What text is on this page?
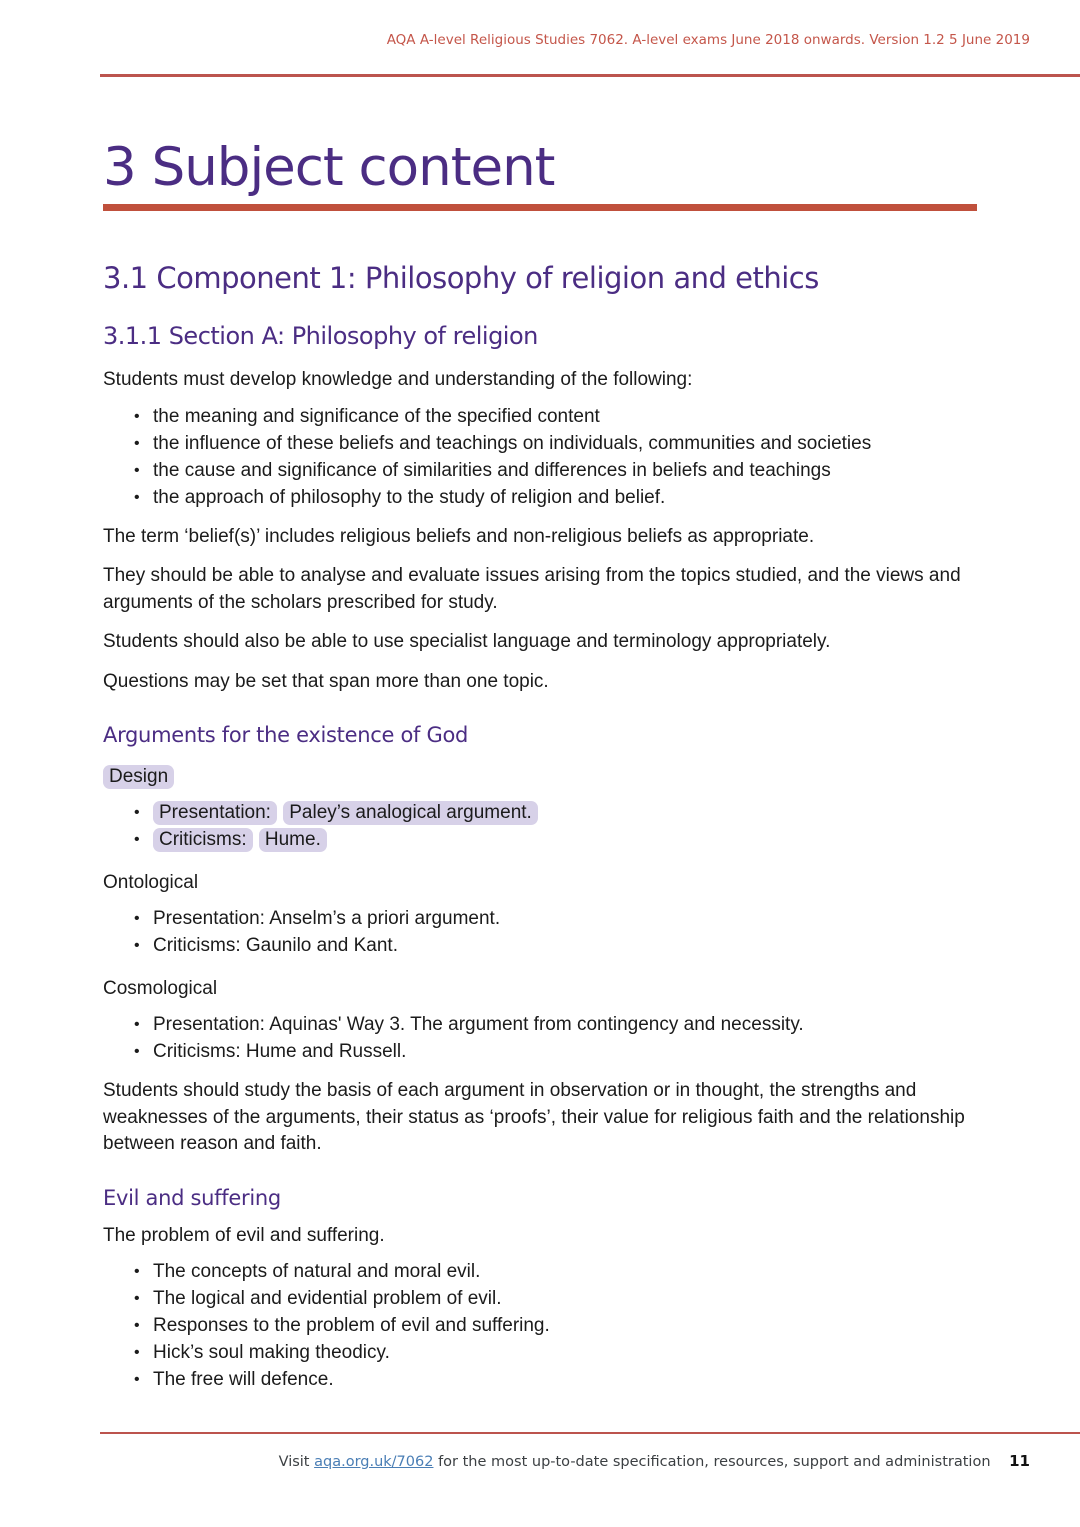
AQA A-level Religious Studies 7062. A-level exams June 2018 onwards. Version 1.2 5 June 2019
3 Subject content
3.1 Component 1: Philosophy of religion and ethics
3.1.1 Section A: Philosophy of religion

Students must develop knowledge and understanding of the following:

• the meaning and significance of the specified content
• the influence of these beliefs and teachings on individuals, communities and societies
• the cause and significance of similarities and differences in beliefs and teachings
• the approach of philosophy to the study of religion and belief.

The term ‘belief(s)’ includes religious beliefs and non-religious beliefs as appropriate.

They should be able to analyse and evaluate issues arising from the topics studied, and the views and arguments of the scholars prescribed for study.

Students should also be able to use specialist language and terminology appropriately.

Questions may be set that span more than one topic.

Arguments for the existence of God
Design
• Presentation: Paley’s analogical argument.
• Criticisms: Hume.
Ontological
• Presentation: Anselm’s a priori argument.
• Criticisms: Gaunilo and Kant.
Cosmological
• Presentation: Aquinas' Way 3. The argument from contingency and necessity.
• Criticisms: Hume and Russell.

Students should study the basis of each argument in observation or in thought, the strengths and weaknesses of the arguments, their status as ‘proofs’, their value for religious faith and the relationship between reason and faith.

Evil and suffering

The problem of evil and suffering.

• The concepts of natural and moral evil.
• The logical and evidential problem of evil.
• Responses to the problem of evil and suffering.
• Hick’s soul making theodicy.
• The free will defence.
Visit aqa.org.uk/7062 for the most up-to-date specification, resources, support and administration 11
